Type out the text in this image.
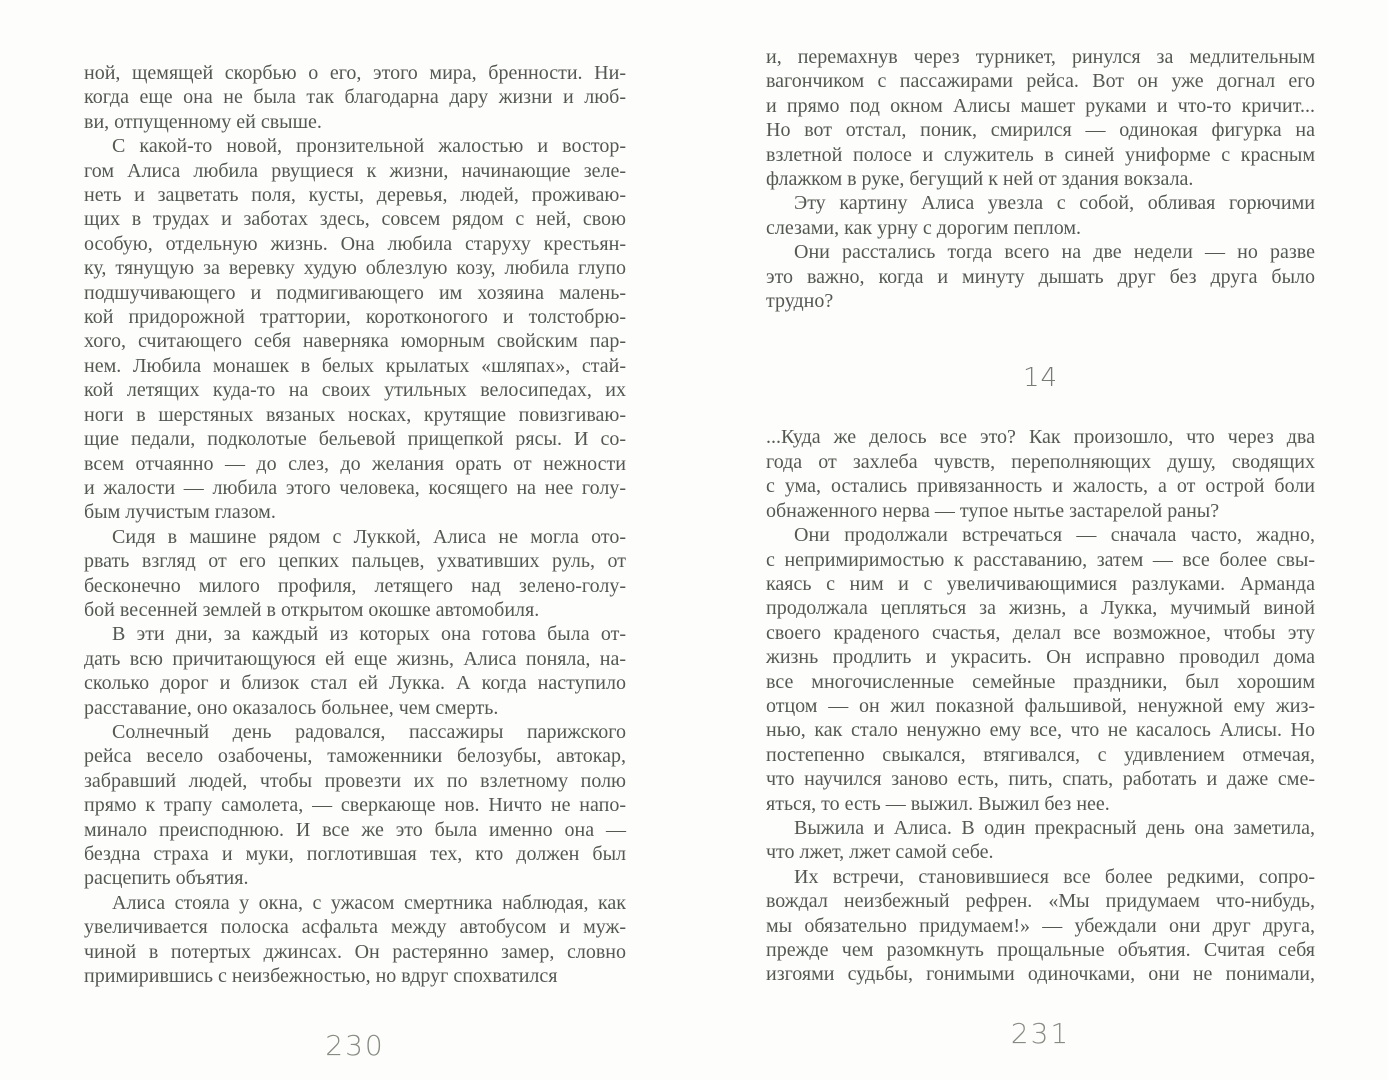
ной, щемящей скорбью о его, этого мира, бренности. Ни-
когда еще она не была так благодарна дару жизни и люб-
ви, отпущенному ей свыше.
С какой-то новой, пронзительной жалостью и востор-
гом Алиса любила рвущиеся к жизни, начинающие зеле-
неть и зацветать поля, кусты, деревья, людей, проживаю-
щих в трудах и заботах здесь, совсем рядом с ней, свою
особую, отдельную жизнь. Она любила старуху крестьян-
ку, тянущую за веревку худую облезлую козу, любила глупо
подшучивающего и подмигивающего им хозяина малень-
кой придорожной траттории, коротконогого и толстобрю-
хого, считающего себя наверняка юморным свойским пар-
нем. Любила монашек в белых крылатых «шляпах», стай-
кой летящих куда-то на своих утильных велосипедах, их
ноги в шерстяных вязаных носках, крутящие повизгиваю-
щие педали, подколотые бельевой прищепкой рясы. И со-
всем отчаянно — до слез, до желания орать от нежности
и жалости — любила этого человека, косящего на нее голу-
бым лучистым глазом.
Сидя в машине рядом с Луккой, Алиса не могла ото-
рвать взгляд от его цепких пальцев, ухвативших руль, от
бесконечно милого профиля, летящего над зелено-голу-
бой весенней землей в открытом окошке автомобиля.
В эти дни, за каждый из которых она готова была от-
дать всю причитающуюся ей еще жизнь, Алиса поняла, на-
сколько дорог и близок стал ей Лукка. А когда наступило
расставание, оно оказалось больнее, чем смерть.
Солнечный день радовался, пассажиры парижского
рейса весело озабочены, таможенники белозубы, автокар,
забравший людей, чтобы провезти их по взлетному полю
прямо к трапу самолета, — сверкающе нов. Ничто не напо-
минало преисподнюю. И все же это была именно она —
бездна страха и муки, поглотившая тех, кто должен был
расцепить объятия.
Алиса стояла у окна, с ужасом смертника наблюдая, как
увеличивается полоска асфальта между автобусом и муж-
чиной в потертых джинсах. Он растерянно замер, словно
примирившись с неизбежностью, но вдруг спохватился
и, перемахнув через турникет, ринулся за медлительным
вагончиком с пассажирами рейса. Вот он уже догнал его
и прямо под окном Алисы машет руками и что-то кричит...
Но вот отстал, поник, смирился — одинокая фигурка на
взлетной полосе и служитель в синей униформе с красным
флажком в руке, бегущий к ней от здания вокзала.
Эту картину Алиса увезла с собой, обливая горючими
слезами, как урну с дорогим пеплом.
Они расстались тогда всего на две недели — но разве
это важно, когда и минуту дышать друг без друга было
трудно?
14
...Куда же делось все это? Как произошло, что через два
года от захлеба чувств, переполняющих душу, сводящих
с ума, остались привязанность и жалость, а от острой боли
обнаженного нерва — тупое нытье застарелой раны?
Они продолжали встречаться — сначала часто, жадно,
с непримиримостью к расставанию, затем — все более свы-
каясь с ним и с увеличивающимися разлуками. Арманда
продолжала цепляться за жизнь, а Лукка, мучимый виной
своего краденого счастья, делал все возможное, чтобы эту
жизнь продлить и украсить. Он исправно проводил дома
все многочисленные семейные праздники, был хорошим
отцом — он жил показной фальшивой, ненужной ему жиз-
нью, как стало ненужно ему все, что не касалось Алисы. Но
постепенно свыкался, втягивался, с удивлением отмечая,
что научился заново есть, пить, спать, работать и даже сме-
яться, то есть — выжил. Выжил без нее.
Выжила и Алиса. В один прекрасный день она заметила,
что лжет, лжет самой себе.
Их встречи, становившиеся все более редкими, сопро-
вождал неизбежный рефрен. «Мы придумаем что-нибудь,
мы обязательно придумаем!» — убеждали они друг друга,
прежде чем разомкнуть прощальные объятия. Считая себя
изгоями судьбы, гонимыми одиночками, они не понимали,
230	231
